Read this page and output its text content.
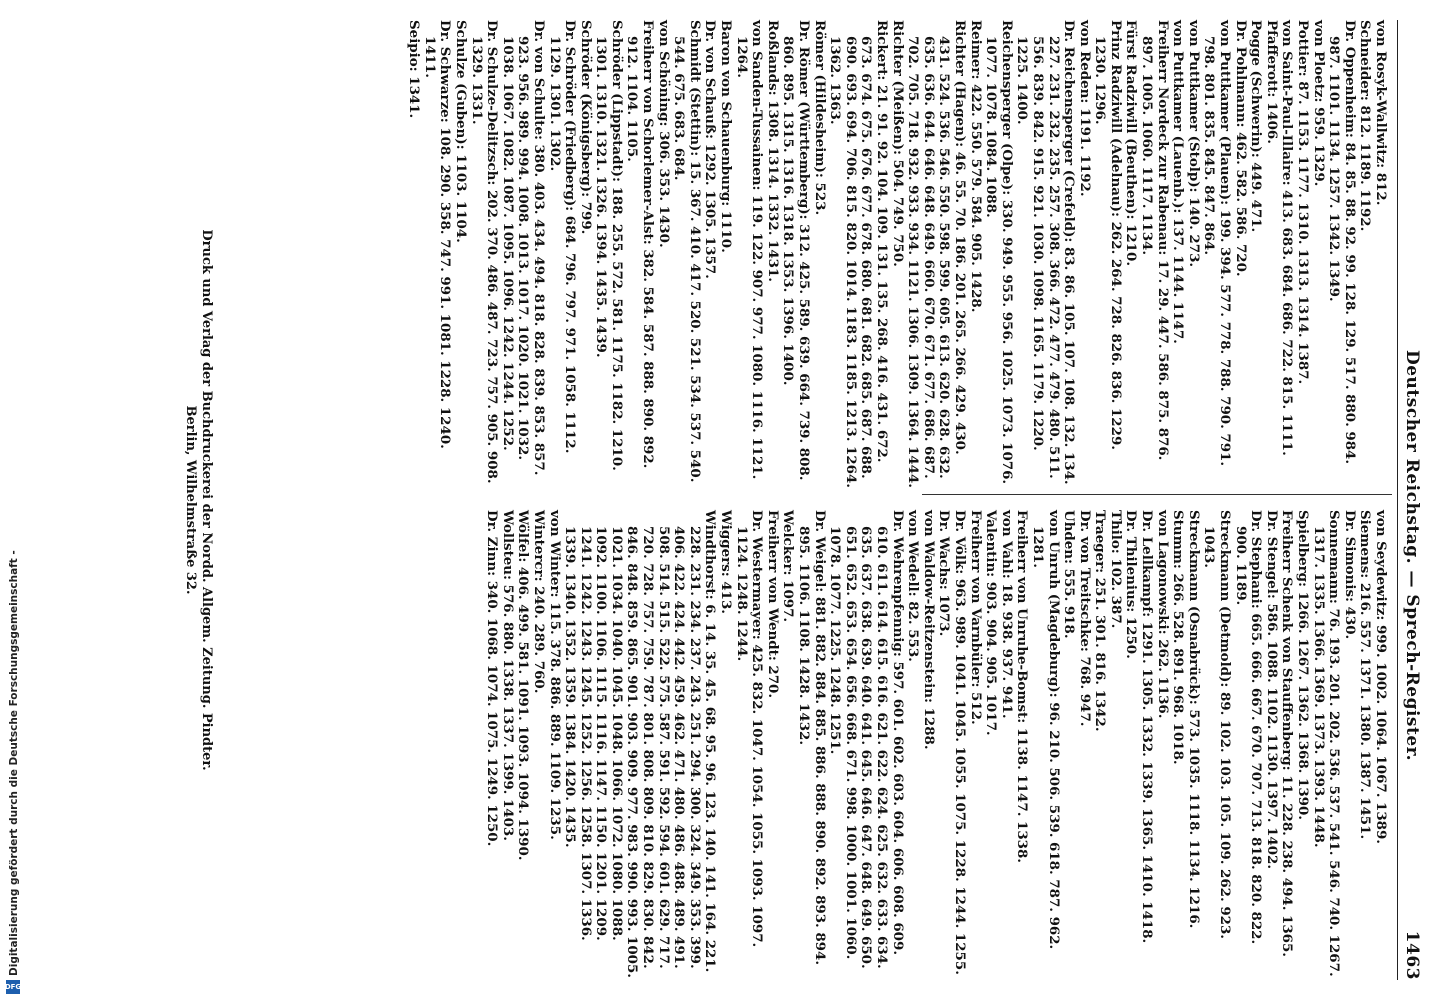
Deutscher Reichstag. — Sprech-Register.
1463

von Rosyk-Wallwitz: 812.

Schneider: 812. 1189. 1192.

Dr. Oppenheim: 84. 85. 88. 92. 99. 128. 129. 517. 880. 984. 987. 1101. 1134. 1257. 1342. 1349.

von Ploetz: 959. 1329.

Pottier: 87. 1153. 1177. 1310. 1313. 1314. 1387.

von Saint-Paul-Illaire: 413. 683. 684. 686. 722. 815. 1111.

Pfafferott: 1406.

Pogge (Schwerin): 449. 471.

Dr. Pohlmann: 462. 582. 586. 720.

von Puttkamer (Plauen): 199. 394. 577. 778. 788. 790. 791. 798. 801. 835. 845. 847. 864.

von Puttkamer (Stolp): 140. 273.

von Puttkamer (Lauenb.): 137. 1144. 1147.

Freiherr Nordeck zur Rabenau: 17. 29. 447. 586. 875. 876. 897. 1005. 1060. 1117. 1134.

Fürst Radziwill (Beuthen): 1210.

Prinz Radziwill (Adelnau): 262. 264. 728. 826. 836. 1229. 1230. 1296.

von Reden: 1191. 1192.

Dr. Reichensperger (Crefeld): 83. 86. 105. 107. 108. 132. 134. 227. 231. 232. 235. 257. 308. 366. 472. 477. 479. 480. 511. 556. 839. 842. 915. 921. 1030. 1098. 1165. 1179. 1220. 1225. 1400.

Reichensperger (Olpe): 330. 949. 955. 956. 1025. 1073. 1076. 1077. 1078. 1084. 1088.

Reimer: 422. 550. 579. 584. 905. 1428.

Richter (Hagen): 46. 55. 70. 186. 201. 265. 266. 429. 430. 431. 524. 536. 546. 550. 598. 599. 605. 613. 620. 628. 632. 635. 636. 644. 646. 648. 649. 660. 670. 671. 677. 686. 687. 702. 705. 718. 932. 933. 934. 1121. 1306. 1309. 1364. 1444.

Richter (Meißen): 504. 749. 750.

Rickert: 21. 91. 92. 104. 109. 131. 135. 268. 416. 431. 672. 673. 674. 675. 676. 677. 678. 680. 681. 682. 685. 687. 688. 690. 693. 694. 706. 815. 820. 1014. 1183. 1185. 1213. 1264. 1362. 1363.

Römer (Hildesheim): 523.

Dr. Römer (Württemberg): 312. 425. 589. 639. 664. 739. 808. 860. 895. 1315. 1316. 1318. 1353. 1396. 1400.

Roßlands: 1308. 1314. 1332. 1431.

von Sanden-Tussainen: 119. 122. 907. 977. 1080. 1116. 1121. 1264.

Baron von Schauenburg: 1110.

Dr. von Schauß: 1292. 1305. 1357.

Schmidt (Stettin): 15. 367. 410. 417. 520. 521. 534. 537. 540. 544. 675. 683. 684.

von Schöning: 306. 353. 1430.

Freiherr von Schorlemer-Alst: 382. 584. 587. 888. 890. 892. 912. 1104. 1105.

Schröder (Lippstadt): 188. 255. 572. 581. 1175. 1182. 1210. 1301. 1310. 1321. 1326. 1394. 1435. 1439.

Schröder (Königsberg): 799.

Dr. Schröder (Friedberg): 684. 796. 797. 971. 1058. 1112. 1129. 1301. 1302.

Dr. von Schulte: 380. 403. 434. 494. 818. 828. 839. 853. 857. 923. 956. 989. 994. 1008. 1013. 1017. 1020. 1021. 1032. 1038. 1067. 1082. 1087. 1095. 1096. 1242. 1244. 1252.

Dr. Schulze-Delitzsch: 202. 370. 486. 487. 723. 757. 905. 908. 1329. 1331.

Schulze (Guben): 1103. 1104.

Dr. Schwarze: 108. 290. 358. 747. 991. 1081. 1228. 1240. 1411.

Seipio: 1341.

von Seydewitz: 999. 1002. 1064. 1067. 1389.

Siemens: 216. 557. 1371. 1380. 1387. 1451.

Dr. Simonis: 430.

Sonnemann: 76. 193. 201. 202. 536. 537. 541. 546. 740. 1267. 1317. 1335. 1366. 1369. 1373. 1393. 1448.

Spielberg: 1266. 1267. 1362. 1368. 1390.

Freiherr Schenk von Stauffenberg: 11. 228. 238. 494. 1365.

Dr. Stengel: 586. 1088. 1102. 1130. 1397. 1402.

Dr. Stephani: 665. 666. 667. 670. 707. 713. 818. 820. 822. 900. 1189.

Streckmann (Detmold): 89. 102. 103. 105. 109. 262. 923. 1043.

Streckmann (Osnabrück): 573. 1035. 1118. 1134. 1216.

Stumm: 266. 528. 891. 968. 1018.

von Lagonowski: 262. 1136.

Dr. Lellkampf: 1291. 1305. 1332. 1339. 1365. 1410. 1418.

Dr. Thilenius: 1250.

Thilo: 102. 387.

Traeger: 251. 301. 816. 1342.

Dr. von Treitschke: 768. 947.

Uhden: 555. 918.

von Unruh (Magdeburg): 96. 210. 506. 539. 618. 787. 962. 1281.

Freiherr von Unruhe-Bomst: 1138. 1147. 1338.

von Vahl: 18. 938. 937. 941.

Valentin: 903. 904. 905. 1017.

Freiherr von Varnbüler: 512.

Dr. Völk: 963. 989. 1041. 1045. 1055. 1075. 1228. 1244. 1255.

Dr. Wachs: 1073.

von Waldow-Reitzenstein: 1288.

von Wedell: 82. 553.

Dr. Wehrenpfennig: 597. 601. 602. 603. 604. 606. 608. 609. 610. 611. 614. 615. 616. 621. 622. 624. 625. 632. 633. 634. 635. 637. 638. 639. 640. 641. 645. 646. 647. 648. 649. 650. 651. 652. 653. 654. 656. 668. 671. 998. 1000. 1001. 1060. 1078. 1077. 1225. 1248. 1251.

Dr. Weigel: 881. 882. 884. 885. 886. 888. 890. 892. 893. 894. 895. 1106. 1108. 1428. 1432.

Welcker: 1097.

Freiherr von Wendt: 270.

Dr. Westermayer: 425. 832. 1047. 1054. 1055. 1093. 1097. 1124. 1248. 1244.

Wiggers: 413.

Windthorst: 6. 14. 35. 45. 68. 95. 96. 123. 140. 141. 164. 221. 228. 231. 234. 237. 243. 251. 294. 300. 324. 349. 353. 399. 406. 422. 424. 442. 459. 462. 471. 480. 486. 488. 489. 491. 508. 514. 515. 522. 575. 587. 591. 592. 594. 601. 629. 717. 720. 728. 757. 759. 787. 801. 808. 809. 810. 829. 830. 842. 846. 848. 859. 865. 901. 903. 909. 977. 983. 990. 993. 1005. 1021. 1034. 1040. 1045. 1048. 1066. 1072. 1080. 1088. 1092. 1100. 1106. 1115. 1116. 1147. 1150. 1201. 1209. 1241. 1242. 1243. 1245. 1252. 1256. 1258. 1307. 1336. 1339. 1340. 1352. 1359. 1384. 1420. 1435.

von Winter: 115. 378. 886. 889. 1109. 1235.

Wintercr: 240. 289. 760.

Wölfel: 406. 499. 581. 1091. 1093. 1094. 1390.

Wollsteu: 576. 880. 1338. 1337. 1399. 1403.

Dr. Zinn: 340. 1068. 1074. 1075. 1249. 1250.

Druck und Verlag der Buchdruckerei der Nordd. Allgem. Zeitung. Pindter.
Berlin, Wilhelmstraße 32.
Digitalisierung gefördert durch die Deutsche Forschungsgemeinschaft -
DFG
